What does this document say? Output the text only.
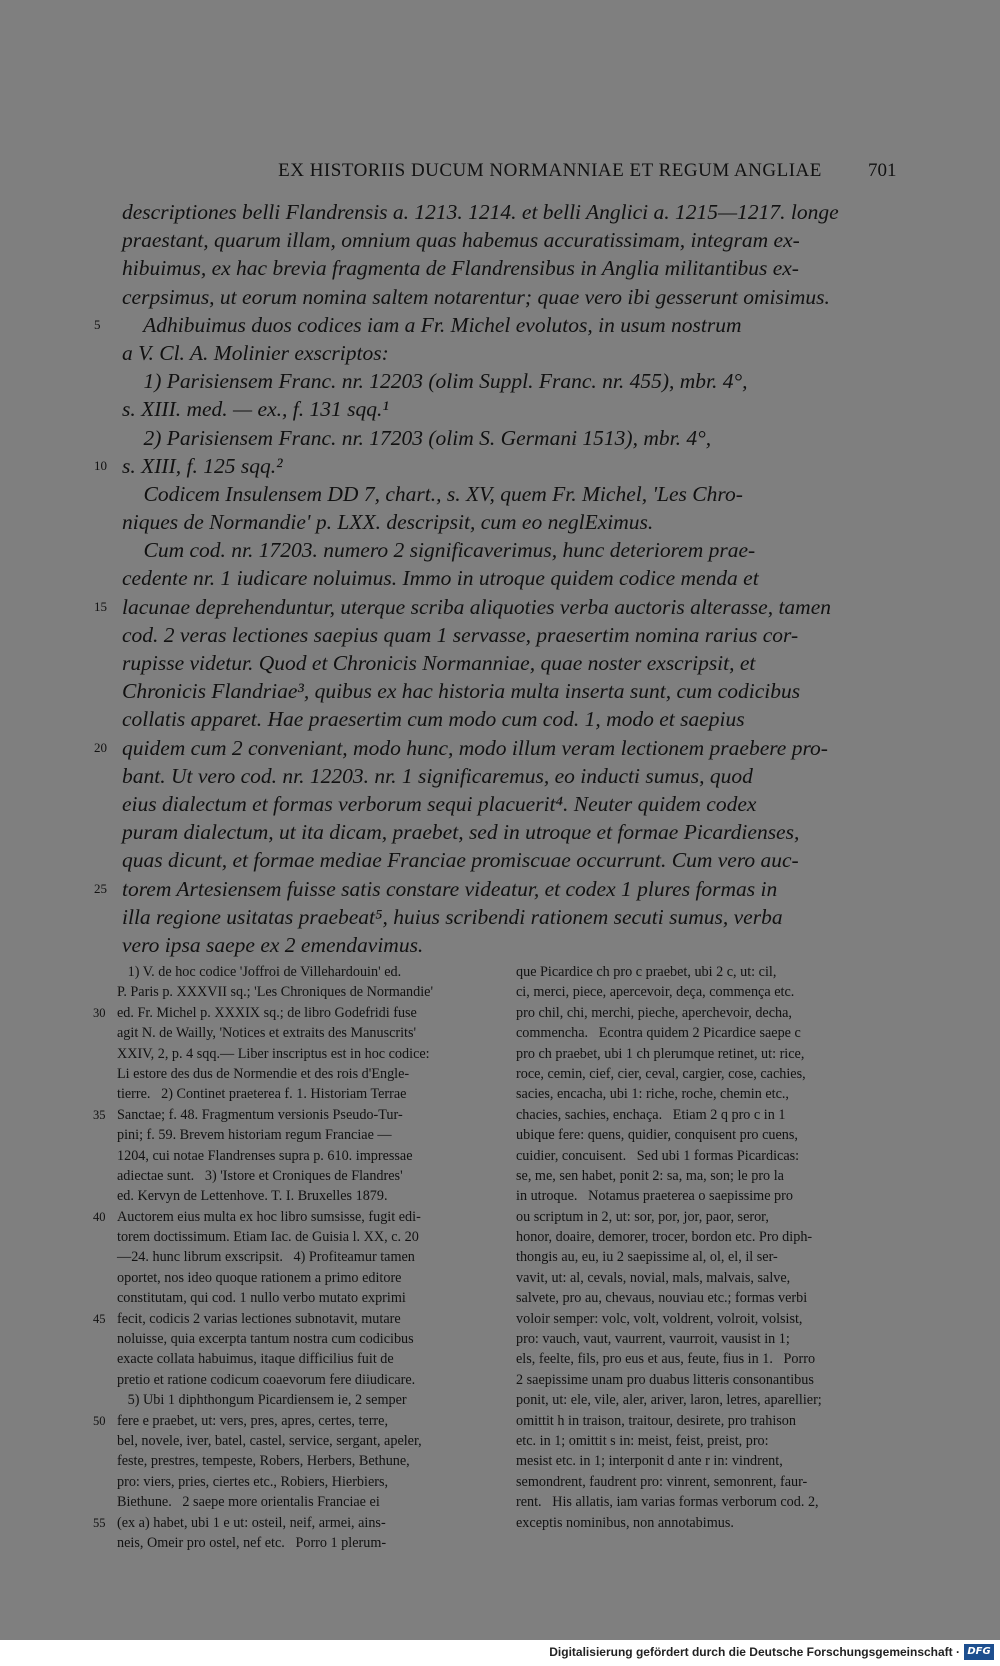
EX HISTORIIS DUCUM NORMANNIAE ET REGUM ANGLIAE	701
descriptiones belli Flandrensis a. 1213. 1214. et belli Anglici a. 1215—1217. longe
praestant, quarum illam, omnium quas habemus accuratissimam, integram ex-
hibuimus, ex hac brevia fragmenta de Flandrensibus in Anglia militantibus ex-
cerpsimus, ut eorum nomina saltem notarentur; quae vero ibi gesserunt omisimus.
5 Adhibuimus duos codices iam a Fr. Michel evolutos, in usum nostrum
a V. Cl. A. Molinier exscriptos:
1) Parisiensem Franc. nr. 12203 (olim Suppl. Franc. nr. 455), mbr. 4°,
s. XIII. med. — ex., f. 131 sqq.¹
2) Parisiensem Franc. nr. 17203 (olim S. Germani 1513), mbr. 4°,
10 s. XIII, f. 125 sqq.²
Codicem Insulensem DD 7, chart., s. XV, quem Fr. Michel, 'Les Chro-
niques de Normandie' p. LXX. descripsit, cum eo neglEximus.
Cum cod. nr. 17203. numero 2 significaverimus, hunc deteriorem prae-
cedente nr. 1 iudicare noluimus. Immo in utroque quidem codice menda et
15 lacunae deprehenduntur, uterque scriba aliquoties verba auctoris alterasse, tamen
cod. 2 veras lectiones saepius quam 1 servasse, praesertim nomina rarius cor-
rupisse videtur. Quod et Chronicis Normanniae, quae noster exscripsit, et
Chronicis Flandriae³, quibus ex hac historia multa inserta sunt, cum codicibus
collatis apparet. Hae praesertim cum modo cum cod. 1, modo et saepius
20 quidem cum 2 conveniant, modo hunc, modo illum veram lectionem praebere pro-
bant. Ut vero cod. nr. 12203. nr. 1 significaremus, eo inducti sumus, quod
eius dialectum et formas verborum sequi placuerit⁴. Neuter quidem codex
puram dialectum, ut ita dicam, praebet, sed in utroque et formae Picardienses,
quas dicunt, et formae mediae Franciae promiscuae occurrunt. Cum vero auc-
25 torem Artesiensem fuisse satis constare videatur, et codex 1 plures formas in
illa regione usitatas praebeat⁵, huius scribendi rationem secuti sumus, verba
vero ipsa saepe ex 2 emendavimus.
1) V. de hoc codice 'Joffroi de Villehardouin' ed.
P. Paris p. XXXVII sq.; 'Les Chroniques de Normandie'
30 ed. Fr. Michel p. XXXIX sq.; de libro Godefridi fuse
agit N. de Wailly, 'Notices et extraits des Manuscrits'
XXIV, 2, p. 4 sqq.— Liber inscriptus est in hoc codice:
Li estore des dus de Normendie et des rois d'Engle-
tierre.   2) Continet praeterea f. 1. Historiam Terrae
35 Sanctae; f. 48. Fragmentum versionis Pseudo-Tur-
pini; f. 59. Brevem historiam regum Franciae —
1204, cui notae Flandrenses supra p. 610. impressae
adiectae sunt.   3) 'Istore et Croniques de Flandres'
ed. Kervyn de Lettenhove. T. I. Bruxelles 1879.
40 Auctorem eius multa ex hoc libro sumsisse, fugit edi-
torem doctissimum. Etiam Iac. de Guisia l. XX, c. 20
—24. hunc librum exscripsit.   4) Profiteamur tamen
oportet, nos ideo quoque rationem a primo editore
constitutam, qui cod. 1 nullo verbo mutato exprimi
45 fecit, codicis 2 varias lectiones subnotavit, mutare
noluisse, quia excerpta tantum nostra cum codicibus
exacte collata habuimus, itaque difficilius fuit de
pretio et ratione codicum coaevorum fere diiudicare.
5) Ubi 1 diphthongum Picardiensem ie, 2 semper
50 fere e praebet, ut: vers, pres, apres, certes, terre,
bel, novele, iver, batel, castel, service, sergant, apeler,
feste, prestres, tempeste, Robers, Herbers, Bethune,
pro: viers, pries, ciertes etc., Robiers, Hierbiers,
Biethune.   2 saepe more orientalis Franciae ei
55 (ex a) habet, ubi 1 e ut: osteil, neif, armei, ains-
neis, Omeir pro ostel, nef etc.   Porro 1 plerum-
que Picardice ch pro c praebet, ubi 2 c, ut: cil,
ci, merci, piece, apercevoir, deça, commença etc.
pro chil, chi, merchi, pieche, aperchevoir, decha,
commencha.   Econtra quidem 2 Picardice saepe c
pro ch praebet, ubi 1 ch plerumque retinet, ut: rice,
roce, cemin, cief, cier, ceval, cargier, cose, cachies,
sacies, encacha, ubi 1: riche, roche, chemin etc.,
chacies, sachies, enchaça.   Etiam 2 q pro c in 1
ubique fere: quens, quidier, conquisent pro cuens,
cuidier, concuisent.   Sed ubi 1 formas Picardicas:
se, me, sen habet, ponit 2: sa, ma, son; le pro la
in utroque.   Notamus praeterea o saepissime pro
ou scriptum in 2, ut: sor, por, jor, paor, seror,
honor, doaire, demorer, trocer, bordon etc. Pro diph-
thongis au, eu, iu 2 saepissime al, ol, el, il ser-
vavit, ut: al, cevals, novial, mals, malvais, salve,
salvete, pro au, chevaus, nouviau etc.; formas verbi
voloir semper: volc, volt, voldrent, volroit, volsist,
pro: vauch, vaut, vaurrent, vaurroit, vausist in 1;
els, feelte, fils, pro eus et aus, feute, fius in 1.   Porro
2 saepissime unam pro duabus litteris consonantibus
ponit, ut: ele, vile, aler, ariver, laron, letres, aparellier;
omittit h in traison, traitour, desirete, pro trahison
etc. in 1; omittit s in: meist, feist, preist, pro:
mesist etc. in 1; interponit d ante r in: vindrent,
semondrent, faudrent pro: vinrent, semonrent, faur-
rent.   His allatis, iam varias formas verborum cod. 2,
exceptis nominibus, non annotabimus.
Digitalisierung gefördert durch die Deutsche Forschungsgemeinschaft · DFG
